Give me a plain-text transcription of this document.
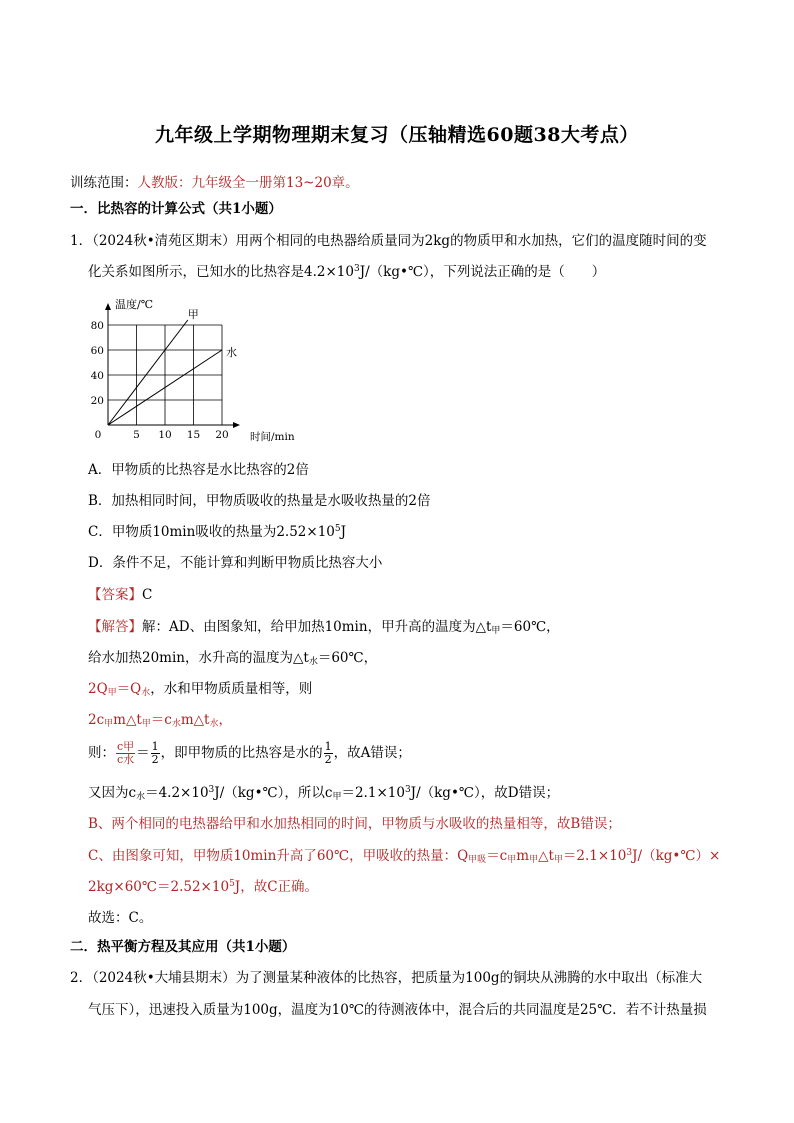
九年级上学期物理期末复习（压轴精选60题38大考点）
训练范围：人教版：九年级全一册第13~20章。
一．比热容的计算公式（共1小题）
1．（2024秋•清苑区期末）用两个相同的电热器给质量同为2kg的物质甲和水加热，它们的温度随时间的变
化关系如图所示，已知水的比热容是$4.2\times 10^3J/(kg•℃)$，下列说法正确的是（　　）
0	5 10 15 20
20
40
60
80
甲
水
温度/℃
时间/min
A．甲物质的比热容是水比热容的2倍
B．加热相同时间，甲物质吸收的热量是水吸收热量的2倍
C．甲物质10min吸收的热量为$2.52\times 10^5J$
D．条件不足，不能计算和判断甲物质比热容大小
【答案】C
【解答】解：AD、由图象知，给甲加热10min，甲升高的温度为$\triangle t_甲=60℃$，
给水加热20min，水升高的温度为$\triangle t_水=60℃$，
$2Q_甲=Q_水$，水和甲物质质量相等，则
$2c_甲m\triangle t_甲=c_水m\triangle t_水$，
则： $\frac{\text{c甲}}{\text{c水}} = \frac{1}{2}$ ，即甲物质的比热容是水的 $\frac{1}{2}$ ，故A错误；
又因为$c_水=4.2\times 10^3J/(kg•℃)$，所以$c_甲=2.1\times 10^3J/(kg•℃)$，故D错误；
B、两个相同的电热器给甲和水加热相同的时间，甲物质与水吸收的热量相等，故B错误；
C、由图象可知，甲物质10min升高了60℃，甲吸收的热量：$Q_{甲吸}=c_甲m_甲\triangle t_甲=2.1\times 10^3J/(kg•℃)\times$
$2kg\times 60℃=2.52\times 10^5J$，故C正确。
故选：C。
二．热平衡方程及其应用（共1小题）
2．（2024秋•大埔县期末）为了测量某种液体的比热容，把质量为100g的铜块从沸腾的水中取出（标准大
气压下），迅速投入质量为100g，温度为10℃的待测液体中，混合后的共同温度是25℃．若不计热量损
